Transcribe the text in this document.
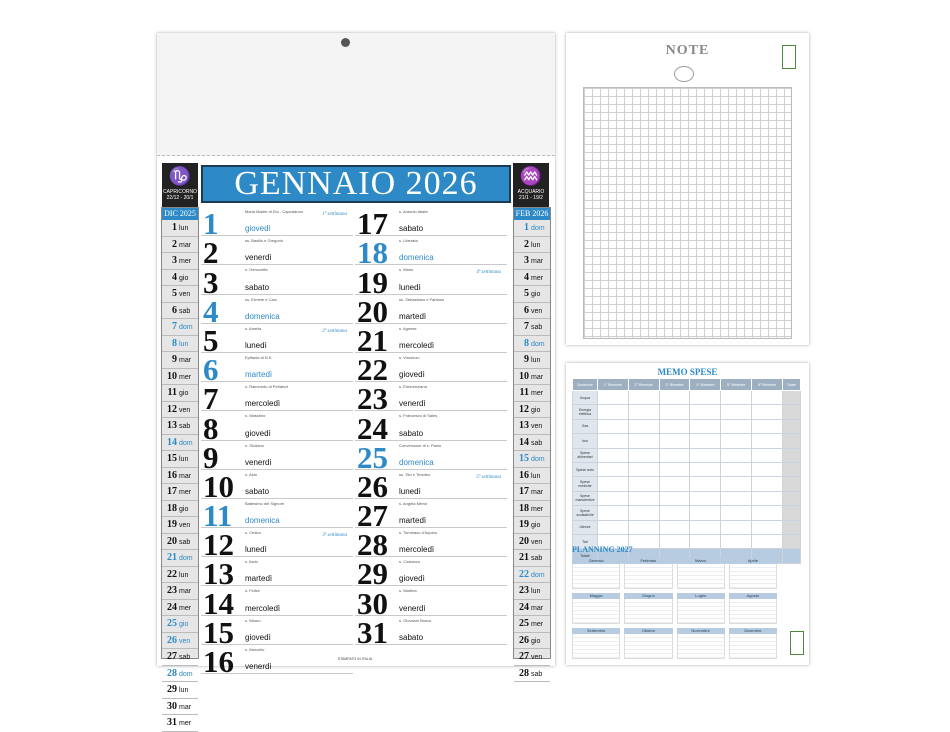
♑
CAPRICORNO
22/12 - 20/1	GENNAIO 2026	♒
ACQUARIO
21/1 - 19/2
DIC 2025
1 lun
2 mar
3 mer
4 gio
5 ven
6 sab
7 dom
8 lun
9 mar
10 mer
11 gio
12 ven
13 sab
14 dom
15 lun
16 mar
17 mer
18 gio
19 ven
20 sab
21 dom
22 lun
23 mar
24 mer
25 gio
26 ven
27 sab
28 dom
29 lun
30 mar
31 mer
1	Maria Madre di Dio - Capodanno
giovedì
1ª settimana
2	ss. Basilio e Gregorio
venerdì
3	s. Genoveffa
sabato
4	ss. Ermete e Caio
domenica
5	s. Amelia
lunedì
2ª settimana
6	Epifania di N.S.
martedì
7	s. Raimondo di Peñafort
mercoledì
8	s. Massimo
giovedì
9	s. Giuliano
venerdì
10	s. Aldo
sabato
11	Battesimo del Signore
domenica
12	s. Cesira
lunedì
3ª settimana
13	s. Ilario
martedì
14	s. Felice
mercoledì
15	s. Mauro
giovedì
16	s. Marcello
venerdì
17	s. Antonio abate
sabato
18	s. Liberata
domenica
19	s. Mario
lunedì
4ª settimana
20	ss. Sebastiano e Fabiano
martedì
21	s. Agnese
mercoledì
22	s. Vincenzo
giovedì
23	s. Emerenziana
venerdì
24	s. Francesco di Sales
sabato
25	Conversione di s. Paolo
domenica
26	ss. Tito e Timoteo
lunedì
5ª settimana
27	s. Angela Merici
martedì
28	s. Tommaso d'Aquino
mercoledì
29	s. Costanzo
giovedì
30	s. Martina
venerdì
31	s. Giovanni Bosco
sabato
FEB 2026
1 dom
2 lun
3 mar
4 mer
5 gio
6 ven
7 sab
8 dom
9 lun
10 mar
11 mer
12 gio
13 ven
14 sab
15 dom
16 lun
17 mar
18 mer
19 gio
20 ven
21 sab
22 dom
23 lun
24 mar
25 mer
26 gio
27 ven
28 sab
STAMPATO IN ITALIA
NOTE
MEMO SPESE
Scadenze	1° Bimestre	2° Bimestre	3° Bimestre	4° Bimestre	5° Bimestre	6° Bimestre	Totale
Acqua							
Energia elettrica							
Gas							
Imu							
Spese alimentari							
Spese auto							
Spese mediche							
Spese manutentive							
Spese scolastiche							
Utenze							
Tari							
Totale							
PLANNING 2027
Gennaio	Febbraio	Marzo	Aprile
Maggio	Giugno	Luglio	Agosto
Settembre	Ottobre	Novembre	Dicembre
